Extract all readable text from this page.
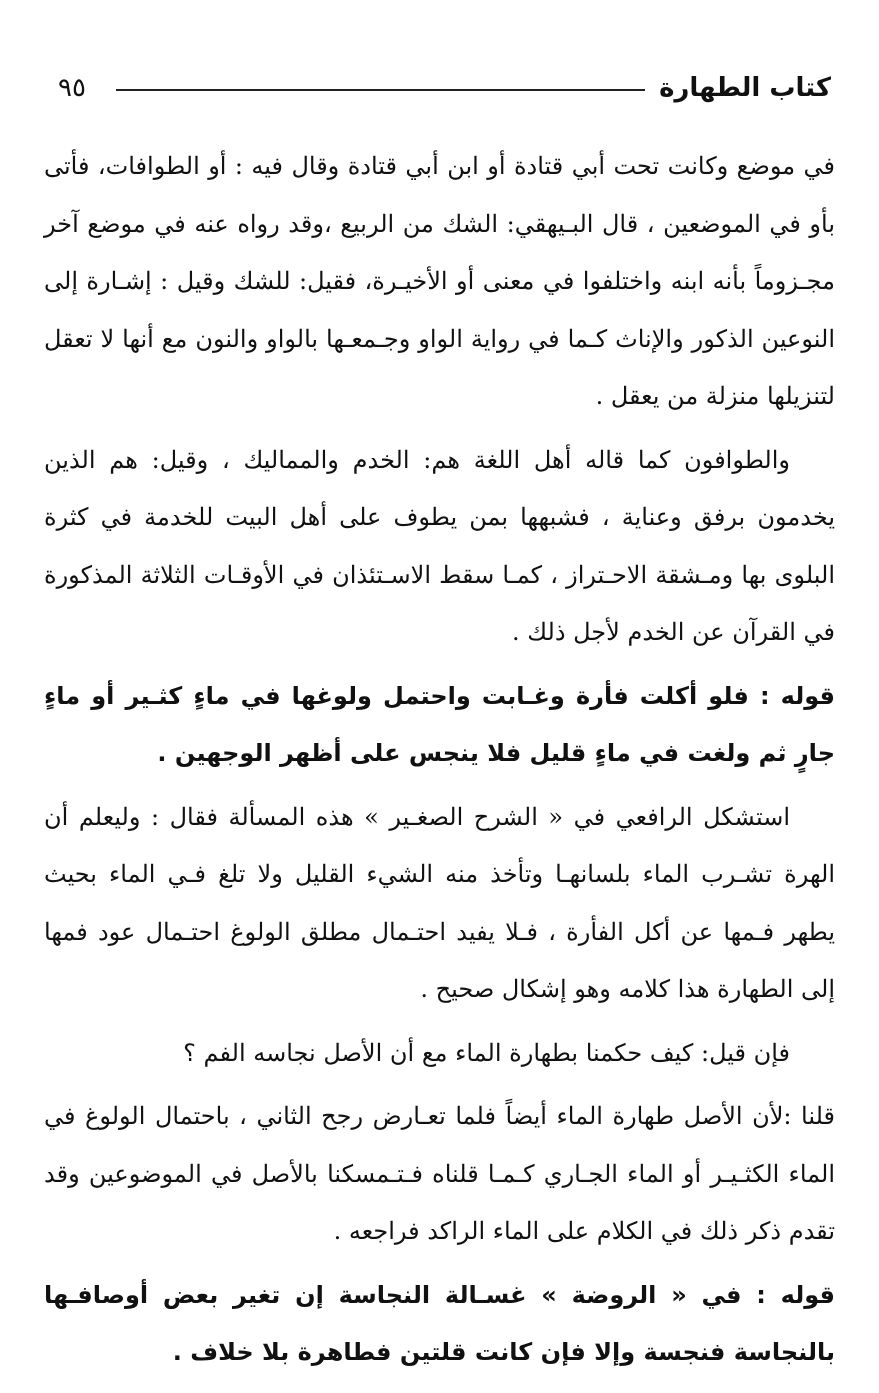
كتاب الطهارة
٩٥

في موضع وكانت تحت أبي قتادة أو ابن أبي قتادة وقال فيه : أو الطوافات، فأتى بأو في الموضعين ، قال البـيهقي: الشك من الربيع ،وقد رواه عنه في موضع آخر مجـزوماً بأنه ابنه واختلفوا في معنى أو الأخيـرة، فقيل: للشك وقيل : إشـارة إلى النوعين الذكور والإناث كـما في رواية الواو وجـمعـها بالواو والنون مع أنها لا تعقل لتنزيلها منزلة من يعقل .

والطوافون كما قاله أهل اللغة هم: الخدم والمماليك ، وقيل: هم الذين يخدمون برفق وعناية ، فشبهها بمن يطوف على أهل البيت للخدمة في كثرة البلوى بها ومـشقة الاحـتراز ، كمـا سقط الاسـتئذان في الأوقـات الثلاثة المذكورة في القرآن عن الخدم لأجل ذلك .

قوله : فلو أكلت فأرة وغـابت واحتمل ولوغها في ماءٍ كثـير أو ماءٍ جارٍ ثم ولغت في ماءٍ قليل فلا ينجس على أظهر الوجهين .

استشكل الرافعي في « الشرح الصغـير » هذه المسألة فقال : وليعلم أن الهرة تشـرب الماء بلسانهـا وتأخذ منه الشيء القليل ولا تلغ فـي الماء بحيث يطهر فـمها عن أكل الفأرة ، فـلا يفيد احتـمال مطلق الولوغ احتـمال عود فمها إلى الطهارة هذا كلامه وهو إشكال صحيح .

فإن قيل: كيف حكمنا بطهارة الماء مع أن الأصل نجاسه الفم ؟

قلنا :لأن الأصل طهارة الماء أيضاً فلما تعـارض رجح الثاني ، باحتمال الولوغ في الماء الكثـيـر أو الماء الجـاري كـمـا قلناه فـتـمسكنا بالأصل في الموضوعين وقد تقدم ذكر ذلك في الكلام على الماء الراكد فراجعه .

قوله : في « الروضة » غسـالة النجاسة إن تغير بعض أوصافـها بالنجاسة فنجسة وإلا فإن كانت قلتين فطاهرة بلا خلاف .
